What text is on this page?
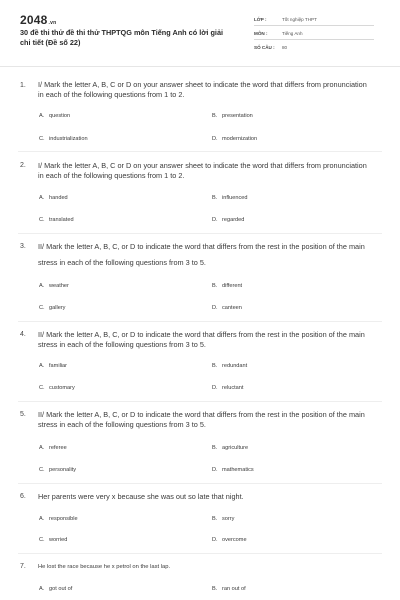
2048.vn
30 đề thi thử đề thi thử THPTQG môn Tiếng Anh có lời giải chi tiết (Đề số 22)
LỚP :	Tốt nghiệp THPT
MÔN :	Tiếng Anh
SỐ CÂU : 80
1. I/ Mark the letter A, B, C or D on your answer sheet to indicate the word that differs from pronunciation in each of the following questions from 1 to 2.
A. question	B. presentation
C. industrialization	D. modernization
2. I/ Mark the letter A, B, C or D on your answer sheet to indicate the word that differs from pronunciation in each of the following questions from 1 to 2.
A. handed	B. influenced
C. translated	D. regarded
3. II/ Mark the letter A, B, C, or D to indicate the word that differs from the rest in the position of the main stress in each of the following questions from 3 to 5.
A. weather	B. different
C. gallery	D. canteen
4. II/ Mark the letter A, B, C, or D to indicate the word that differs from the rest in the position of the main stress in each of the following questions from 3 to 5.
A. familiar	B. redundant
C. customary	D. reluctant
5. II/ Mark the letter A, B, C, or D to indicate the word that differs from the rest in the position of the main stress in each of the following questions from 3 to 5.
A. referee	B. agriculture
C. personality	D. mathematics
6. Her parents were very x because she was out so late that night.
A. responsible	B. sorry
C. worried	D. overcome
7. He lost the race because he x petrol on the last lap.
A. got out of	B. ran out of
